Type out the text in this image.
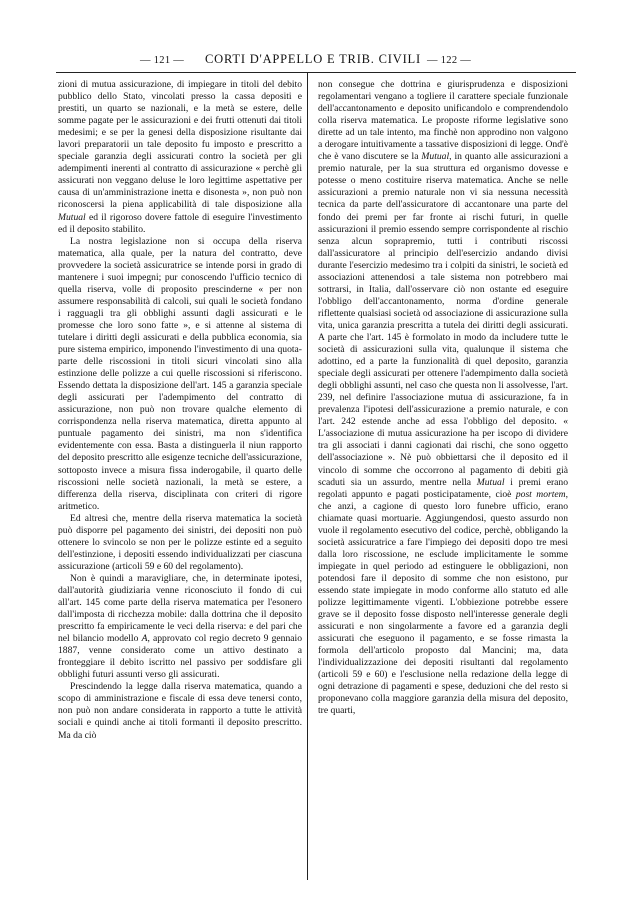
— 121 —	CORTI D'APPELLO E TRIB. CIVILI — 122 —

zioni di mutua assicurazione, di impiegare in titoli del debito pubblico dello Stato, vincolati presso la cassa depositi e prestiti, un quarto se nazionali, e la metà se estere, delle somme pagate per le assicurazioni e dei frutti ottenuti dai titoli medesimi; e se per la genesi della disposizione risultante dai lavori preparatorii un tale deposito fu imposto e prescritto a speciale garanzia degli assicurati contro la società per gli adempimenti inerenti al contratto di assicurazione « perchè gli assicurati non veggano deluse le loro legittime aspettative per causa di un'amministrazione inetta e disonesta », non può non riconoscersi la piena applicabilità di tale disposizione alla Mutual ed il rigoroso dovere fattole di eseguire l'investimento ed il deposito stabilito.

La nostra legislazione non si occupa della riserva matematica, alla quale, per la natura del contratto, deve provvedere la società assicuratrice se intende porsi in grado di mantenere i suoi impegni; pur conoscendo l'ufficio tecnico di quella riserva, volle di proposito prescinderne « per non assumere responsabilità di calcoli, sui quali le società fondano i ragguagli tra gli obblighi assunti dagli assicurati e le promesse che loro sono fatte », e si attenne al sistema di tutelare i diritti degli assicurati e della pubblica economia, sia pure sistema empirico, imponendo l'investimento di una quota-parte delle riscossioni in titoli sicuri vincolati sino alla estinzione delle polizze a cui quelle riscossioni si riferiscono. Essendo dettata la disposizione dell'art. 145 a garanzia speciale degli assicurati per l'adempimento del contratto di assicurazione, non può non trovare qualche elemento di corrispondenza nella riserva matematica, diretta appunto al puntuale pagamento dei sinistri, ma non s'identifica evidentemente con essa. Basta a distinguerla il niun rapporto del deposito prescritto alle esigenze tecniche dell'assicurazione, sottoposto invece a misura fissa inderogabile, il quarto delle riscossioni nelle società nazionali, la metà se estere, a differenza della riserva, disciplinata con criteri di rigore aritmetico.

Ed altresì che, mentre della riserva matematica la società può disporre pel pagamento dei sinistri, dei depositi non può ottenere lo svincolo se non per le polizze estinte ed a seguito dell'estinzione, i depositi essendo individualizzati per ciascuna assicurazione (articoli 59 e 60 del regolamento).

Non è quindi a maravigliare, che, in determinate ipotesi, dall'autorità giudiziaria venne riconosciuto il fondo di cui all'art. 145 come parte della riserva matematica per l'esonero dall'imposta di ricchezza mobile: dalla dottrina che il deposito prescritto fa empiricamente le veci della riserva: e del pari che nel bilancio modello A, approvato col regio decreto 9 gennaio 1887, venne considerato come un attivo destinato a fronteggiare il debito iscritto nel passivo per soddisfare gli obblighi futuri assunti verso gli assicurati.

Prescindendo la legge dalla riserva matematica, quando a scopo di amministrazione e fiscale di essa deve tenersi conto, non può non andare considerata in rapporto a tutte le attività sociali e quindi anche ai titoli formanti il deposito prescritto. Ma da ciò

non consegue che dottrina e giurisprudenza e disposizioni regolamentari vengano a togliere il carattere speciale funzionale dell'accantonamento e deposito unificandolo e comprendendolo colla riserva matematica. Le proposte riforme legislative sono dirette ad un tale intento, ma finchè non approdino non valgono a derogare intuitivamente a tassative disposizioni di legge. Ond'è che è vano discutere se la Mutual, in quanto alle assicurazioni a premio naturale, per la sua struttura ed organismo dovesse e potesse o meno costituire riserva matematica. Anche se nelle assicurazioni a premio naturale non vi sia nessuna necessità tecnica da parte dell'assicuratore di accantonare una parte del fondo dei premi per far fronte ai rischi futuri, in quelle assicurazioni il premio essendo sempre corrispondente al rischio senza alcun soprapremio, tutti i contributi riscossi dall'assicuratore al principio dell'esercizio andando divisi durante l'esercizio medesimo tra i colpiti da sinistri, le società ed associazioni attenendosi a tale sistema non potrebbero mai sottrarsi, in Italia, dall'osservare ciò non ostante ed eseguire l'obbligo dell'accantonamento, norma d'ordine generale riflettente qualsiasi società od associazione di assicurazione sulla vita, unica garanzia prescritta a tutela dei diritti degli assicurati. A parte che l'art. 145 è formolato in modo da includere tutte le società di assicurazioni sulla vita, qualunque il sistema che adottino, ed a parte la funzionalità di quel deposito, garanzia speciale degli assicurati per ottenere l'adempimento dalla società degli obblighi assunti, nel caso che questa non li assolvesse, l'art. 239, nel definire l'associazione mutua di assicurazione, fa in prevalenza l'ipotesi dell'assicurazione a premio naturale, e con l'art. 242 estende anche ad essa l'obbligo del deposito. « L'associazione di mutua assicurazione ha per iscopo di dividere tra gli associati i danni cagionati dai rischi, che sono oggetto dell'associazione ». Nè può obbiettarsi che il deposito ed il vincolo di somme che occorrono al pagamento di debiti già scaduti sia un assurdo, mentre nella Mutual i premi erano regolati appunto e pagati posticipatamente, cioè post mortem, che anzi, a cagione di questo loro funebre ufficio, erano chiamate quasi mortuarie. Aggiungendosi, questo assurdo non vuole il regolamento esecutivo del codice, perchè, obbligando la società assicuratrice a fare l'impiego dei depositi dopo tre mesi dalla loro riscossione, ne esclude implicitamente le somme impiegate in quel periodo ad estinguere le obbligazioni, non potendosi fare il deposito di somme che non esistono, pur essendo state impiegate in modo conforme allo statuto ed alle polizze legittimamente vigenti. L'obbiezione potrebbe essere grave se il deposito fosse disposto nell'interesse generale degli assicurati e non singolarmente a favore ed a garanzia degli assicurati che eseguono il pagamento, e se fosse rimasta la formola dell'articolo proposto dal Mancini; ma, data l'individualizzazione dei depositi risultanti dal regolamento (articoli 59 e 60) e l'esclusione nella redazione della legge di ogni detrazione di pagamenti e spese, deduzioni che del resto si proponevano colla maggiore garanzia della misura del deposito, tre quarti,
